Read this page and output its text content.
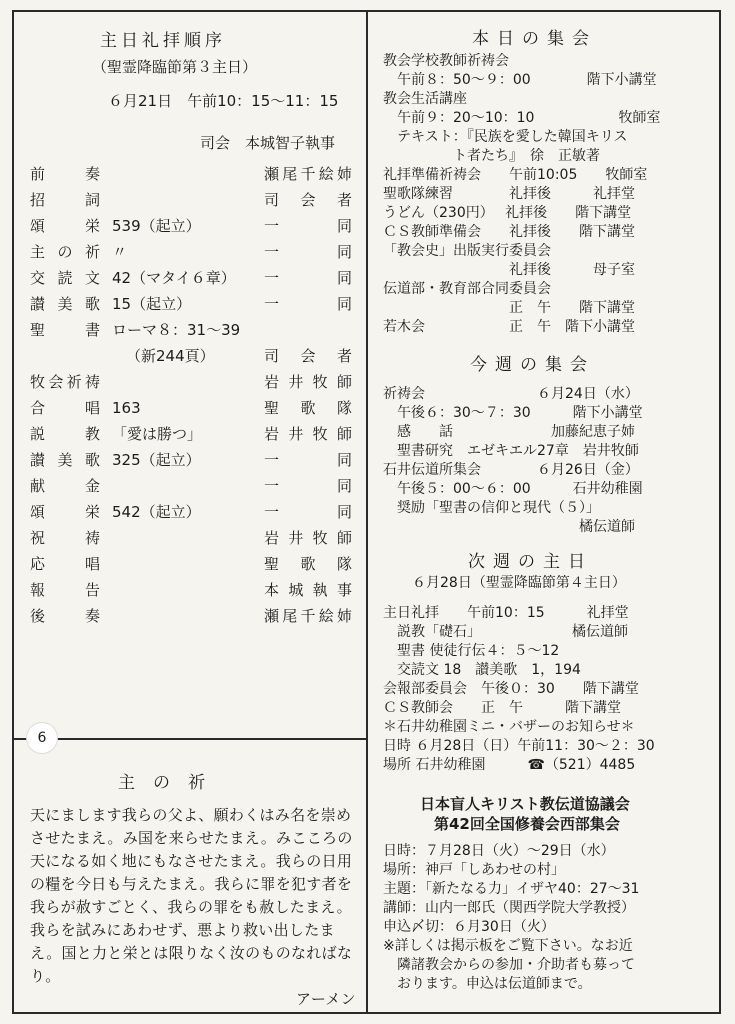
主日礼拝順序
（聖霊降臨節第３主日）
６月21日　午前10：15～11：15
司会　本城智子執事
前　奏	瀬尾千絵姉
招　詞	司会者
頌　栄 539（起立）	一　同
主の祈 〃	一　同
交読文 42（マタイ６章） 一　同
讃美歌 15（起立）	一　同
聖　書 ローマ８：31～39
（新244頁）	司会者
牧会祈祷	岩井牧師
合　唱 163	聖歌隊
説　教 「愛は勝つ」	岩井牧師
讃美歌 325（起立）	一　同
献　金	一　同
頌　栄 542（起立）	一　同
祝　祷	岩井牧師
応　唱	聖歌隊
報　告	本城執事
後　奏	瀬尾千絵姉
6
主の祈
天にまします我らの父よ、願わくはみ名を崇めさせたまえ。み国を来らせたまえ。みこころの天になる如く地にもなさせたまえ。我らの日用の糧を今日も与えたまえ。我らに罪を犯す者を我らが赦すごとく、我らの罪をも赦したまえ。我らを試みにあわせず、悪より救い出したまえ。国と力と栄とは限りなく汝のものなればなり。
アーメン
本日の集会
教会学校教師祈祷会
　午前８：50～９：00　　　　階下小講堂
教会生活講座
　午前９：20～10：10　　　　　　牧師室
　テキスト：『民族を愛した韓国キリス
　　　　　ト者たち』　徐　正敏著
礼拝準備祈祷会　　午前10:05　　牧師室
聖歌隊練習　　　　礼拝後　　　礼拝堂
うどん（230円）　 礼拝後　　階下講堂
ＣＳ教師準備会　　礼拝後　　階下講堂
「教会史」出版実行委員会
　　　　　　　　　礼拝後　　　母子室
伝道部・教育部合同委員会
　　　　　　　　　正　午　　階下講堂
若木会　　　　　　正　午　階下小講堂
今週の集会
祈祷会　　　　　　　　６月24日（水）
　午後６：30～７：30　　　階下小講堂
　感　　話　　　　　　　加藤紀恵子姉
　聖書研究　エゼキエル27章　岩井牧師
石井伝道所集会　　　　６月26日（金）
　午後５：00～６：00　　　石井幼稚園
　奨励「聖書の信仰と現代（５）」
　　　　　　　　　　　　　　橘伝道師
次週の主日
６月28日（聖霊降臨節第４主日）
主日礼拝　　午前10：15　　　礼拝堂
　説教「礎石」　　　　　　　橘伝道師
　聖書 使徒行伝４：５～12
　交読文 18　讃美歌　1，194
会報部委員会　午後０：30　　階下講堂
ＣＳ教師会　　正　午　　　階下講堂
＊石井幼稚園ミニ・バザーのお知らせ＊
日時 ６月28日（日）午前11：30～２：30
場所 石井幼稚園　　　☎（521）4485
日本盲人キリスト教伝道協議会
第42回全国修養会西部集会
日時：７月28日（火）～29日（水）
場所：神戸「しあわせの村」
主題：「新たなる力」イザヤ40：27～31
講師：山内一郎氏（関西学院大学教授）
申込〆切：６月30日（火）
※詳しくは掲示板をご覧下さい。なお近
　隣諸教会からの参加・介助者も募って
　おります。申込は伝道師まで。
